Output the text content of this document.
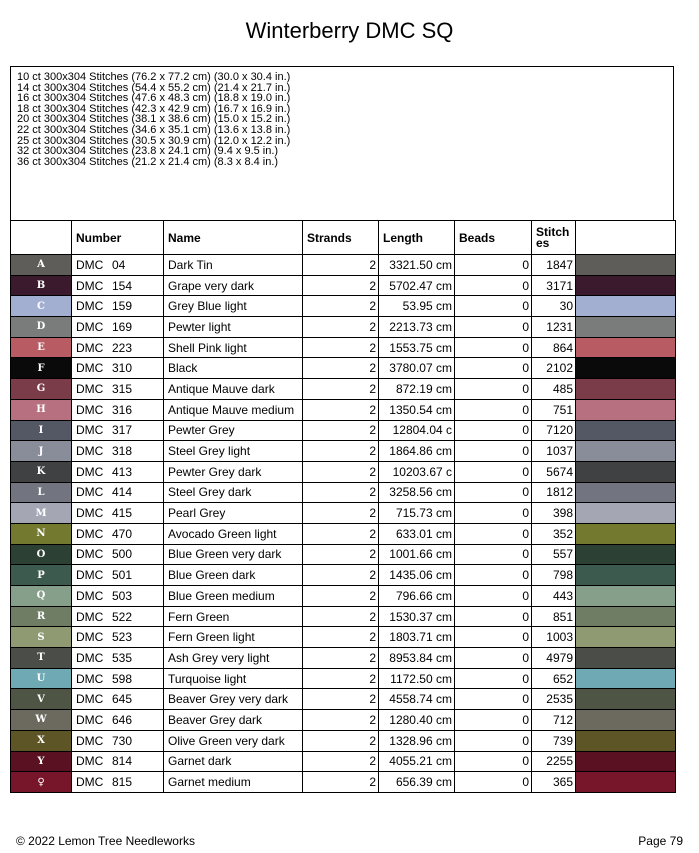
Winterberry DMC SQ
10 ct 300x304 Stitches (76.2 x 77.2 cm) (30.0 x 30.4 in.)
14 ct 300x304 Stitches (54.4 x 55.2 cm) (21.4 x 21.7 in.)
16 ct 300x304 Stitches (47.6 x 48.3 cm) (18.8 x 19.0 in.)
18 ct 300x304 Stitches (42.3 x 42.9 cm) (16.7 x 16.9 in.)
20 ct 300x304 Stitches (38.1 x 38.6 cm) (15.0 x 15.2 in.)
22 ct 300x304 Stitches (34.6 x 35.1 cm) (13.6 x 13.8 in.)
25 ct 300x304 Stitches (30.5 x 30.9 cm) (12.0 x 12.2 in.)
32 ct 300x304 Stitches (23.8 x 24.1 cm) (9.4 x 9.5 in.)
36 ct 300x304 Stitches (21.2 x 21.4 cm) (8.3 x 8.4 in.)
	Number	Name	Strands	Length	Beads	Stitch es	
A	DMC 04	Dark Tin	2	3321.50 cm	0	1847	

B	DMC 154	Grape very dark	2	5702.47 cm	0	3171	

C	DMC 159	Grey Blue light	2	53.95 cm	0	30	

D	DMC 169	Pewter light	2	2213.73 cm	0	1231	

E	DMC 223	Shell Pink light	2	1553.75 cm	0	864	

F	DMC 310	Black	2	3780.07 cm	0	2102	

G	DMC 315	Antique Mauve dark	2	872.19 cm	0	485	

H	DMC 316	Antique Mauve medium	2	1350.54 cm	0	751	

I	DMC 317	Pewter Grey	2	12804.04 c	0	7120	

J	DMC 318	Steel Grey light	2	1864.86 cm	0	1037	

K	DMC 413	Pewter Grey dark	2	10203.67 c	0	5674	

L	DMC 414	Steel Grey dark	2	3258.56 cm	0	1812	

M	DMC 415	Pearl Grey	2	715.73 cm	0	398	

N	DMC 470	Avocado Green light	2	633.01 cm	0	352	

O	DMC 500	Blue Green very dark	2	1001.66 cm	0	557	

P	DMC 501	Blue Green dark	2	1435.06 cm	0	798	

Q	DMC 503	Blue Green medium	2	796.66 cm	0	443	

R	DMC 522	Fern Green	2	1530.37 cm	0	851	

S	DMC 523	Fern Green light	2	1803.71 cm	0	1003	

T	DMC 535	Ash Grey very light	2	8953.84 cm	0	4979	

U	DMC 598	Turquoise light	2	1172.50 cm	0	652	

V	DMC 645	Beaver Grey very dark	2	4558.74 cm	0	2535	

W	DMC 646	Beaver Grey dark	2	1280.40 cm	0	712	

X	DMC 730	Olive Green very dark	2	1328.96 cm	0	739	

Y	DMC 814	Garnet dark	2	4055.21 cm	0	2255	

♀	DMC 815	Garnet medium	2	656.39 cm	0	365	
© 2022 Lemon Tree Needleworks	Page 79
